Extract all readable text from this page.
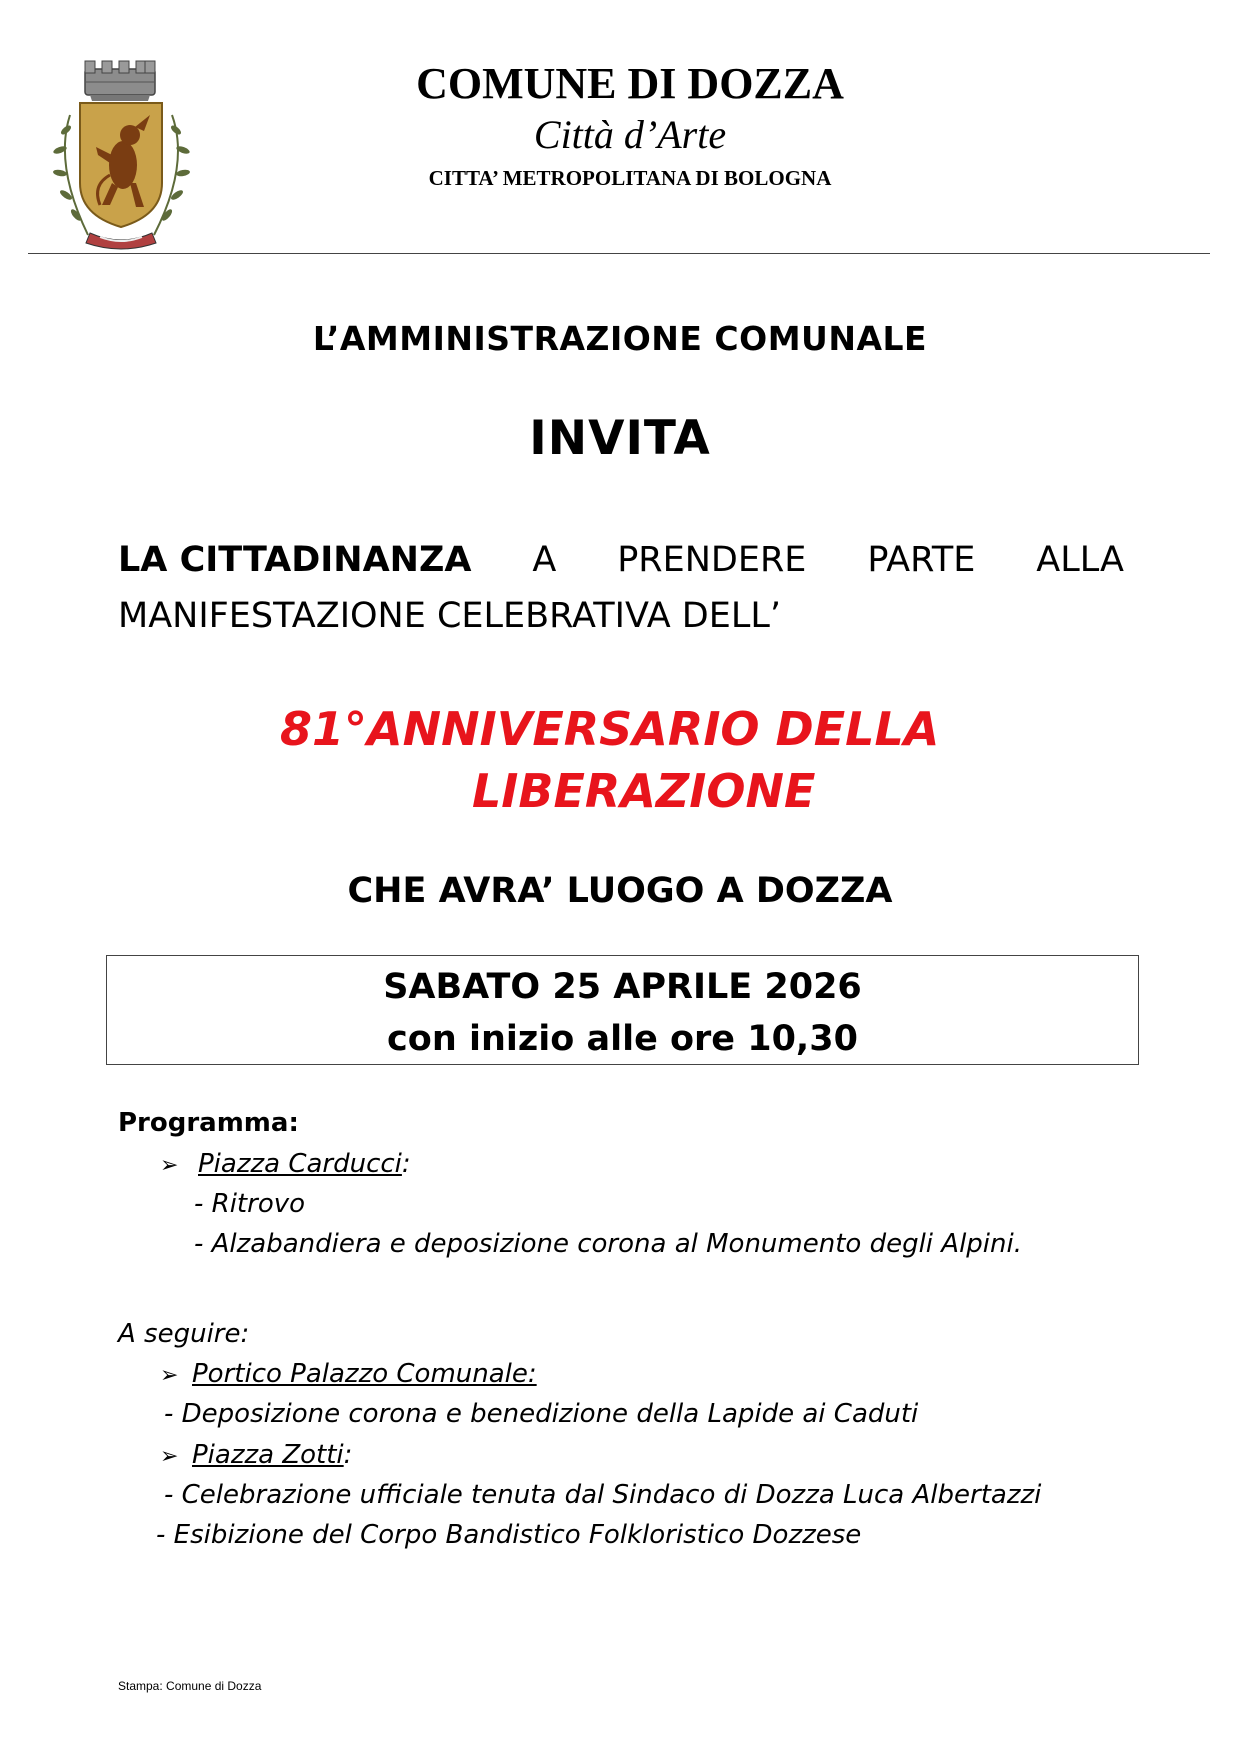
COMUNE DI DOZZA
Città d’Arte
CITTA’ METROPOLITANA DI BOLOGNA
L’AMMINISTRAZIONE COMUNALE
INVITA
LA CITTADINANZA A PRENDERE PARTE ALLA
MANIFESTAZIONE CELEBRATIVA DELL’
81°ANNIVERSARIO DELLA
LIBERAZIONE
CHE AVRA’ LUOGO A DOZZA
SABATO 25 APRILE 2026
con inizio alle ore 10,30
Programma:
➢ Piazza Carducci:
- Ritrovo
- Alzabandiera e deposizione corona al Monumento degli Alpini.
A seguire:
➢ Portico Palazzo Comunale:
- Deposizione corona e benedizione della Lapide ai Caduti
➢ Piazza Zotti:
- Celebrazione ufficiale tenuta dal Sindaco di Dozza Luca Albertazzi
- Esibizione del Corpo Bandistico Folkloristico Dozzese
Stampa: Comune di Dozza
